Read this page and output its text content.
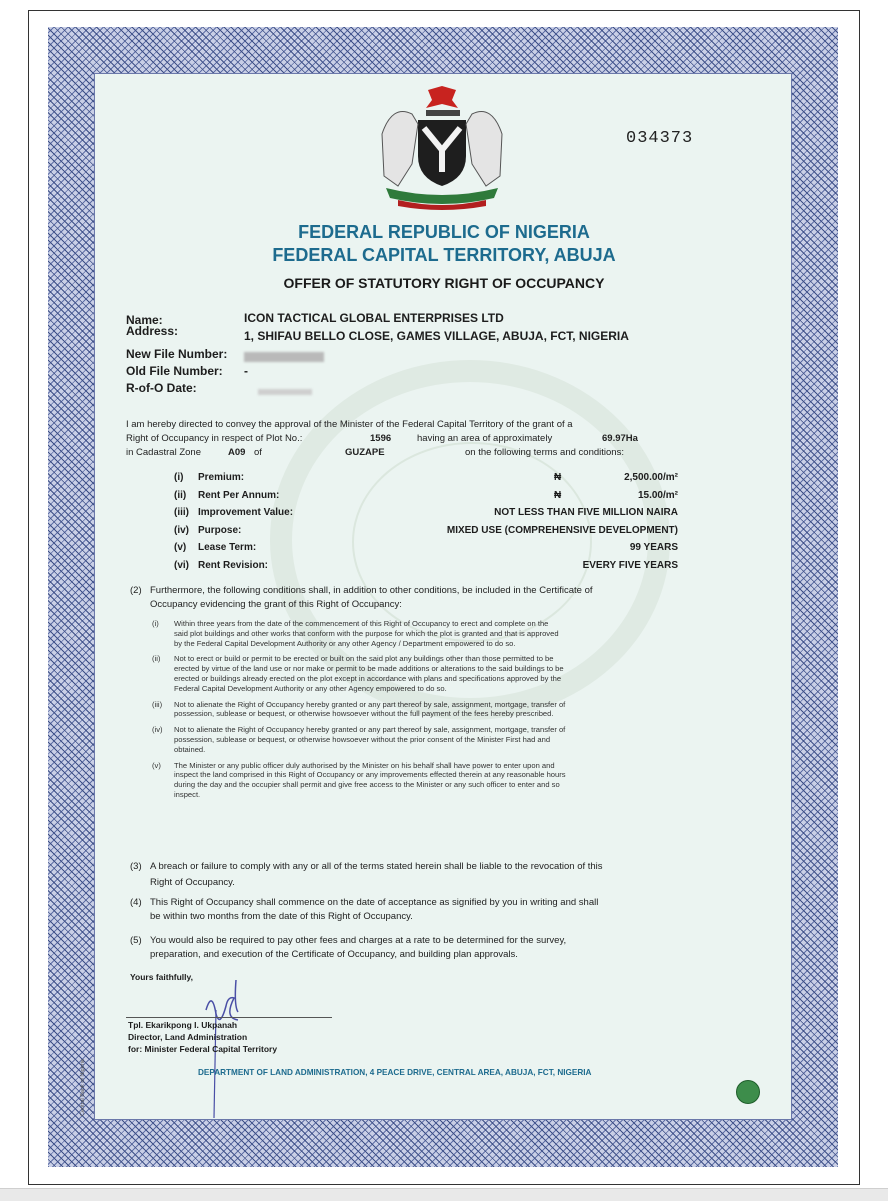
034373
FEDERAL REPUBLIC OF NIGERIA
FEDERAL CAPITAL TERRITORY, ABUJA
OFFER OF STATUTORY RIGHT OF OCCUPANCY
Name:	ICON TACTICAL GLOBAL ENTERPRISES LTD
Address:	1, SHIFAU BELLO CLOSE, GAMES VILLAGE, ABUJA, FCT, NIGERIA
New File Number:
Old File Number: -
R-of-O Date:
I am hereby directed to convey the approval of the Minister of the Federal Capital Territory of the grant of a
Right of Occupancy in respect of Plot No.:	1596	having an area of approximately	69.97Ha
in Cadastral Zone	A09 of	GUZAPE	on the following terms and conditions:
(i) Premium:	₦	2,500.00/m²
(ii) Rent Per Annum:	₦	15.00/m²
(iii) Improvement Value:	NOT LESS THAN FIVE MILLION NAIRA
(iv) Purpose:	MIXED USE (COMPREHENSIVE DEVELOPMENT)
(v) Lease Term:	99 YEARS
(vi) Rent Revision:	EVERY FIVE YEARS
(2) Furthermore, the following conditions shall, in addition to other conditions, be included in the Certificate of
Occupancy evidencing the grant of this Right of Occupancy:
(i) Within three years from the date of the commencement of this Right of Occupancy to erect and complete on the
said plot buildings and other works that conform with the purpose for which the plot is granted and that is approved
by the Federal Capital Development Authority or any other Agency / Department empowered to do so.
(ii) Not to erect or build or permit to be erected or built on the said plot any buildings other than those permitted to be
erected by virtue of the land use or nor make or permit to be made additions or alterations to the said buildings to be
erected or buildings already erected on the plot except in accordance with plans and specifications approved by the
Federal Capital Development Authority or any other Agency empowered to do so.
(iii) Not to alienate the Right of Occupancy hereby granted or any part thereof by sale, assignment, mortgage, transfer of
possession, sublease or bequest, or otherwise howsoever without the full payment of the fees hereby prescribed.
(iv) Not to alienate the Right of Occupancy hereby granted or any part thereof by sale, assignment, mortgage, transfer of
possession, sublease or bequest, or otherwise howsoever without the prior consent of the Minister First had and
obtained.
(v) The Minister or any public officer duly authorised by the Minister on his behalf shall have power to enter upon and
inspect the land comprised in this Right of Occupancy or any improvements effected therein at any reasonable hours
during the day and the occupier shall permit and give free access to the Minister or any such officer to enter and so
inspect.
(3) A breach or failure to comply with any or all of the terms stated herein shall be liable to the revocation of this
Right of Occupancy.
(4) This Right of Occupancy shall commence on the date of acceptance as signified by you in writing and shall
be within two months from the date of this Right of Occupancy.
(5) You would also be required to pay other fees and charges at a rate to be determined for the survey,
preparation, and execution of the Certificate of Occupancy, and building plan approvals.
Yours faithfully,
Tpl. Ekarikpong I. Ukpanah
Director, Land Administration
for: Minister Federal Capital Territory
DEPARTMENT OF LAND ADMINISTRATION, 4 PEACE DRIVE, CENTRAL AREA, ABUJA, FCT, NIGERIA
